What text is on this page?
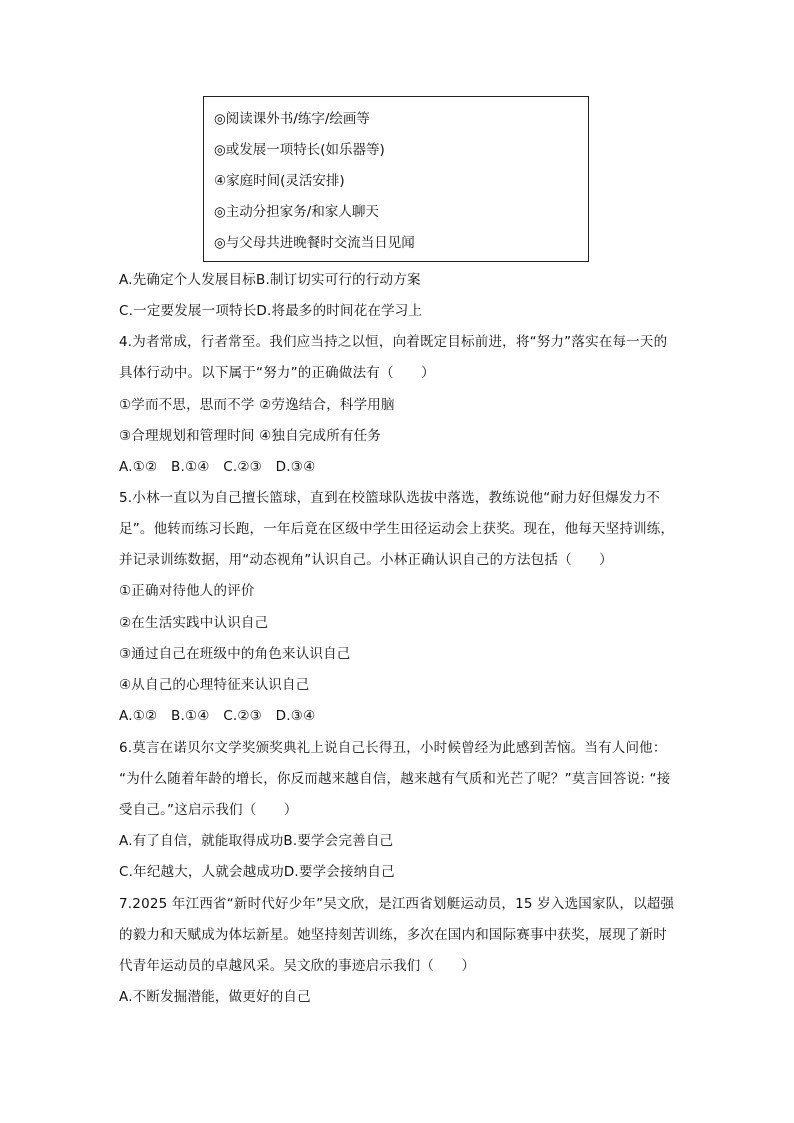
◎阅读课外书/练字/绘画等
◎或发展一项特长(如乐器等)
④家庭时间(灵活安排)
◎主动分担家务/和家人聊天
◎与父母共进晚餐时交流当日见闻
A.先确定个人发展目标B.制订切实可行的行动方案
C.一定要发展一项特长D.将最多的时间花在学习上
4.为者常成，行者常至。我们应当持之以恒，向着既定目标前进，将“努力”落实在每一天的
具体行动中。以下属于“努力”的正确做法有（　　）
①学而不思，思而不学 ②劳逸结合，科学用脑
③合理规划和管理时间 ④独自完成所有任务
A.①②　B.①④　C.②③　D.③④
5.小林一直以为自己擅长篮球，直到在校篮球队选拔中落选，教练说他“耐力好但爆发力不
足”。他转而练习长跑，一年后竟在区级中学生田径运动会上获奖。现在，他每天坚持训练，
并记录训练数据，用“动态视角”认识自己。小林正确认识自己的方法包括（　　）
①正确对待他人的评价
②在生活实践中认识自己
③通过自己在班级中的角色来认识自己
④从自己的心理特征来认识自己
A.①②　B.①④　C.②③　D.③④
6.莫言在诺贝尔文学奖颁奖典礼上说自己长得丑，小时候曾经为此感到苦恼。当有人问他：
“为什么随着年龄的增长，你反而越来越自信，越来越有气质和光芒了呢？”莫言回答说: “接
受自己。”这启示我们（　　）
A.有了自信，就能取得成功B.要学会完善自己
C.年纪越大，人就会越成功D.要学会接纳自己
7.2025 年江西省“新时代好少年”吴文欣，是江西省划艇运动员，15 岁入选国家队，以超强
的毅力和天赋成为体坛新星。她坚持刻苦训练，多次在国内和国际赛事中获奖，展现了新时
代青年运动员的卓越风采。吴文欣的事迹启示我们（　　）
A.不断发掘潜能，做更好的自己
